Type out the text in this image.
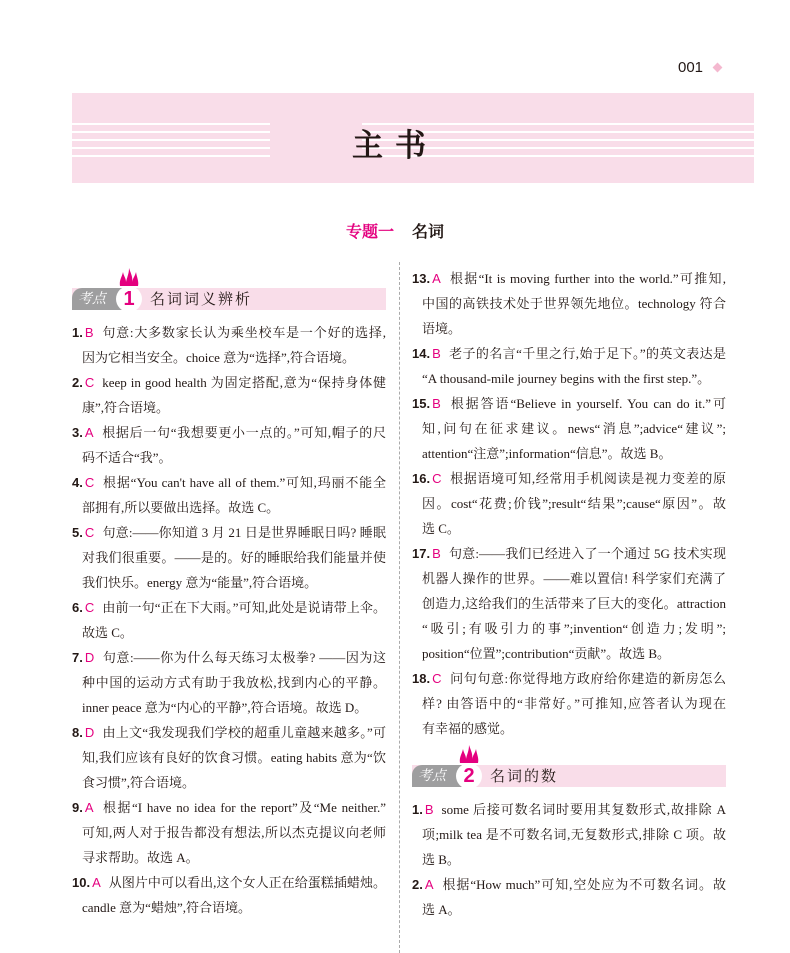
001
主书
专题一 名词
考点 1	名词词义辨析
1. B 句意:大多数家长认为乘坐校车是一个好的选择,
因为它相当安全。choice 意为“选择”,符合语境。
2. C keep in good health 为固定搭配,意为“保持身体健
康”,符合语境。
3. A 根据后一句“我想要更小一点的。”可知,帽子的尺
码不适合“我”。
4. C 根据“You can't have all of them.”可知,玛丽不能全
部拥有,所以要做出选择。故选 C。
5. C 句意:——你知道 3 月 21 日是世界睡眠日吗? 睡眠
对我们很重要。——是的。好的睡眠给我们能量并使
我们快乐。energy 意为“能量”,符合语境。
6. C 由前一句“正在下大雨。”可知,此处是说请带上伞。
故选 C。
7. D 句意:——你为什么每天练习太极拳? ——因为这
种中国的运动方式有助于我放松,找到内心的平静。
inner peace 意为“内心的平静”,符合语境。故选 D。
8. D 由上文“我发现我们学校的超重儿童越来越多。”可
知,我们应该有良好的饮食习惯。eating habits 意为“饮
食习惯”,符合语境。
9. A 根据“I have no idea for the report”及“Me neither.”
可知,两人对于报告都没有想法,所以杰克提议向老师
寻求帮助。故选 A。
10. A 从图片中可以看出,这个女人正在给蛋糕插蜡烛。
candle 意为“蜡烛”,符合语境。
13. A 根据“It is moving further into the world.”可推知,
中国的高铁技术处于世界领先地位。technology 符合
语境。
14. B 老子的名言“千里之行,始于足下。”的英文表达是
“A thousand-mile journey begins with the first step.”。
15. B 根据答语“Believe in yourself. You can do it.”可
知,问句在征求建议。news“消息”;advice“建议”;
attention“注意”;information“信息”。故选 B。
16. C 根据语境可知,经常用手机阅读是视力变差的原
因。cost“花费;价钱”;result“结果”;cause“原因”。故
选 C。
17. B 句意:——我们已经进入了一个通过 5G 技术实现
机器人操作的世界。——难以置信! 科学家们充满了
创造力,这给我们的生活带来了巨大的变化。attraction
“吸引;有吸引力的事”;invention“创造力;发明”;
position“位置”;contribution“贡献”。故选 B。
18. C 问句句意:你觉得地方政府给你建造的新房怎么
样? 由答语中的“非常好。”可推知,应答者认为现在
有幸福的感觉。
考点 2	名词的数
1. B some 后接可数名词时要用其复数形式,故排除 A
项;milk tea 是不可数名词,无复数形式,排除 C 项。故
选 B。
2. A 根据“How much”可知,空处应为不可数名词。故
选 A。
